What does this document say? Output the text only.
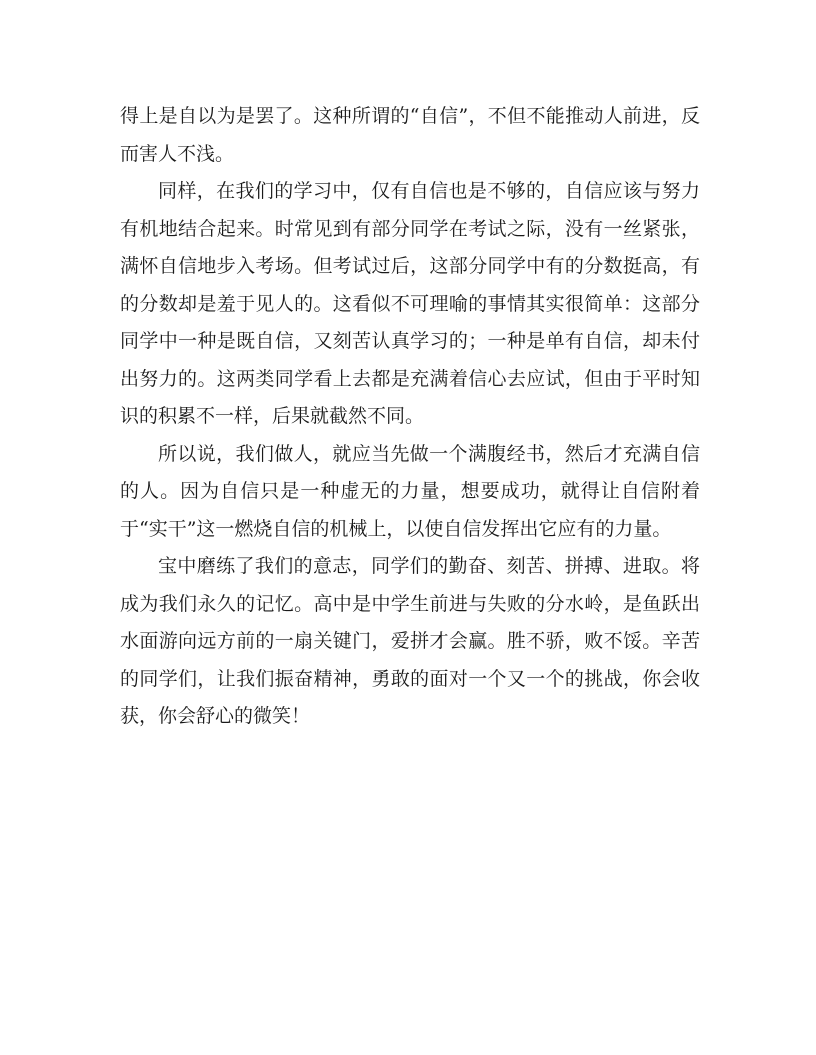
得上是自以为是罢了。这种所谓的“自信”，不但不能推动人前进，反而害人不浅。

同样，在我们的学习中，仅有自信也是不够的，自信应该与努力有机地结合起来。时常见到有部分同学在考试之际，没有一丝紧张，满怀自信地步入考场。但考试过后，这部分同学中有的分数挺高，有的分数却是羞于见人的。这看似不可理喻的事情其实很简单：这部分同学中一种是既自信，又刻苦认真学习的；一种是单有自信，却未付出努力的。这两类同学看上去都是充满着信心去应试，但由于平时知识的积累不一样，后果就截然不同。

所以说，我们做人，就应当先做一个满腹经书，然后才充满自信的人。因为自信只是一种虚无的力量，想要成功，就得让自信附着于“实干”这一燃烧自信的机械上，以使自信发挥出它应有的力量。

宝中磨练了我们的意志，同学们的勤奋、刻苦、拼搏、进取。将成为我们永久的记忆。高中是中学生前进与失败的分水岭，是鱼跃出水面游向远方前的一扇关键门，爱拼才会赢。胜不骄，败不馁。辛苦的同学们，让我们振奋精神，勇敢的面对一个又一个的挑战，你会收获，你会舒心的微笑！
